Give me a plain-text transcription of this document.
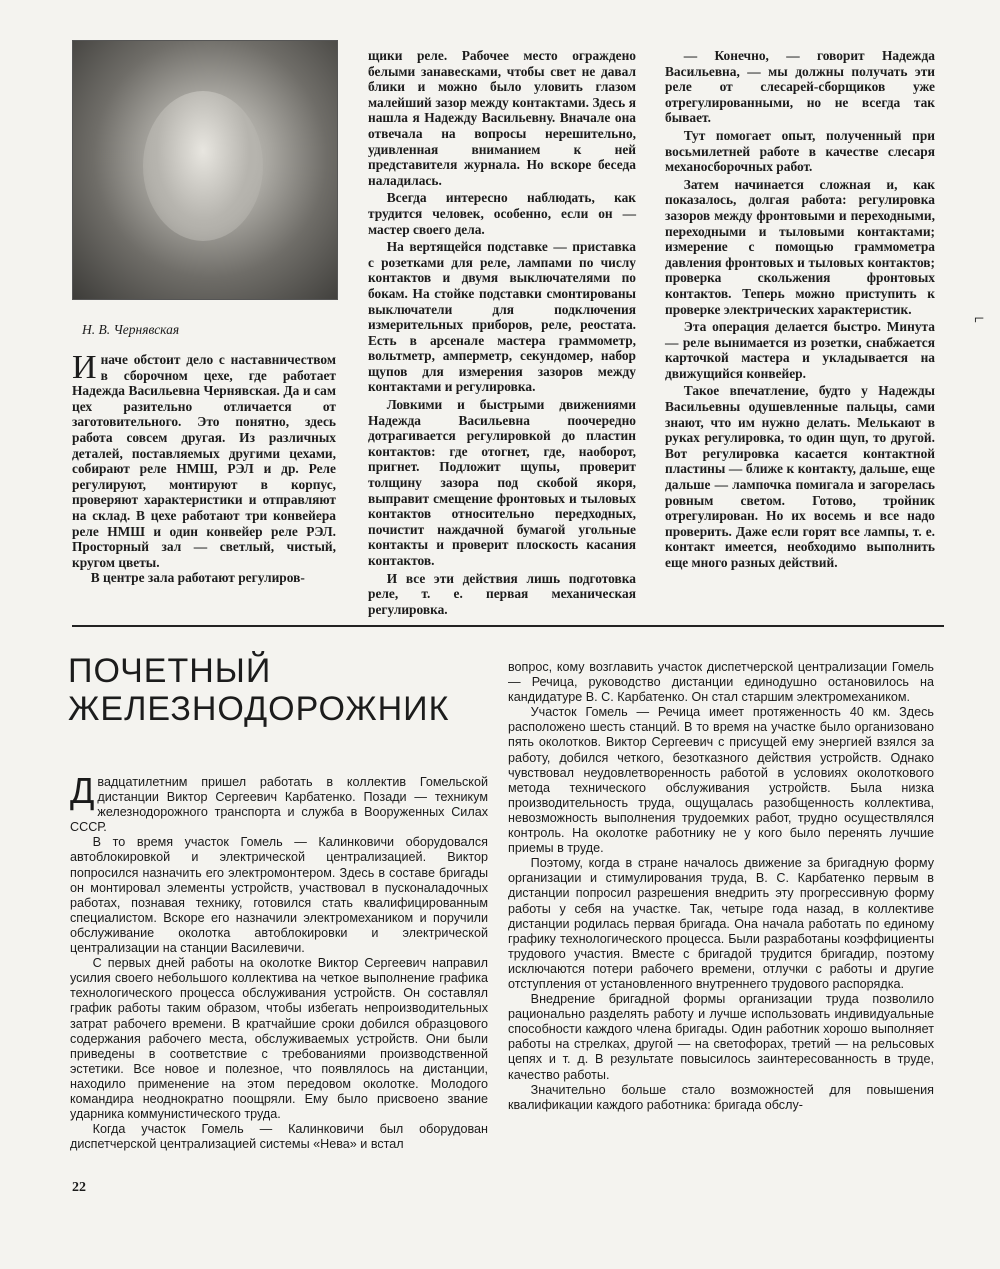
Н. В. Чернявская

Иначе обстоит дело с наставничеством в сборочном цехе, где работает Надежда Васильевна Чернявская. Да и сам цех разительно отличается от заготовительного. Это понятно, здесь работа совсем другая. Из различных деталей, поставляемых другими цехами, собирают реле НМШ, РЭЛ и др. Реле регулируют, монтируют в корпус, проверяют характеристики и отправляют на склад. В цехе работают три конвейера реле НМШ и один конвейер реле РЭЛ. Просторный зал — светлый, чистый, кругом цветы.

В центре зала работают регулиров-

щики реле. Рабочее место ограждено белыми занавесками, чтобы свет не давал блики и можно было уловить глазом малейший зазор между контактами. Здесь я нашла я Надежду Васильевну. Вначале она отвечала на вопросы нерешительно, удивленная вниманием к ней представителя журнала. Но вскоре беседа наладилась.

Всегда интересно наблюдать, как трудится человек, особенно, если он — мастер своего дела.

На вертящейся подставке — приставка с розетками для реле, лампами по числу контактов и двумя выключателями по бокам. На стойке подставки смонтированы выключатели для подключения измерительных приборов, реле, реостата. Есть в арсенале мастера граммометр, вольтметр, амперметр, секундомер, набор щупов для измерения зазоров между контактами и регулировка.

Ловкими и быстрыми движениями Надежда Васильевна поочередно дотрагивается регулировкой до пластин контактов: где отогнет, где, наоборот, пригнет. Подложит щупы, проверит толщину зазора под скобой якоря, выправит смещение фронтовых и тыловых контактов относительно передходных, почистит наждачной бумагой угольные контакты и проверит плоскость касания контактов.

И все эти действия лишь подготовка реле, т. е. первая механическая регулировка.

— Конечно, — говорит Надежда Васильевна, — мы должны получать эти реле от слесарей-сборщиков уже отрегулированными, но не всегда так бывает.

Тут помогает опыт, полученный при восьмилетней работе в качестве слесаря механосборочных работ.

Затем начинается сложная и, как показалось, долгая работа: регулировка зазоров между фронтовыми и переходными, переходными и тыловыми контактами; измерение с помощью граммометра давления фронтовых и тыловых контактов; проверка скольжения фронтовых контактов. Теперь можно приступить к проверке электрических характеристик.

Эта операция делается быстро. Минута — реле вынимается из розетки, снабжается карточкой мастера и укладывается на движущийся конвейер.

Такое впечатление, будто у Надежды Васильевны одушевленные пальцы, сами знают, что им нужно делать. Мелькают в руках регулировка, то один щуп, то другой. Вот регулировка касается контактной пластины — ближе к контакту, дальше, еще дальше — лампочка помигала и загорелась ровным светом. Готово, тройник отрегулирован. Но их восемь и все надо проверить. Даже если горят все лампы, т. е. контакт имеется, необходимо выполнить еще много разных действий.

⌐
ПОЧЕТНЫЙ
ЖЕЛЕЗНОДОРОЖНИК

Двадцатилетним пришел работать в коллектив Гомельской дистанции Виктор Сергеевич Карбатенко. Позади — техникум железнодорожного транспорта и служба в Вооруженных Силах СССР.

В то время участок Гомель — Калинковичи оборудовался автоблокировкой и электрической централизацией. Виктор попросился назначить его электромонтером. Здесь в составе бригады он монтировал элементы устройств, участвовал в пусконаладочных работах, познавая технику, готовился стать квалифицированным специалистом. Вскоре его назначили электромехаником и поручили обслуживание околотка автоблокировки и электрической централизации на станции Василевичи.

С первых дней работы на околотке Виктор Сергеевич направил усилия своего небольшого коллектива на четкое выполнение графика технологического процесса обслуживания устройств. Он составлял график работы таким образом, чтобы избегать непроизводительных затрат рабочего времени. В кратчайшие сроки добился образцового содержания рабочего места, обслуживаемых устройств. Они были приведены в соответствие с требованиями производственной эстетики. Все новое и полезное, что появлялось на дистанции, находило применение на этом передовом околотке. Молодого командира неоднократно поощряли. Ему было присвоено звание ударника коммунистического труда.

Когда участок Гомель — Калинковичи был оборудован диспетчерской централизацией системы «Нева» и встал

вопрос, кому возглавить участок диспетчерской централизации Гомель — Речица, руководство дистанции единодушно остановилось на кандидатуре В. С. Карбатенко. Он стал старшим электромехаником.

Участок Гомель — Речица имеет протяженность 40 км. Здесь расположено шесть станций. В то время на участке было организовано пять околотков. Виктор Сергеевич с присущей ему энергией взялся за работу, добился четкого, безотказного действия устройств. Однако чувствовал неудовлетворенность работой в условиях околоткового метода технического обслуживания устройств. Была низка производительность труда, ощущалась разобщенность коллектива, невозможность выполнения трудоемких работ, трудно осуществлялся контроль. На околотке работнику не у кого было перенять лучшие приемы в труде.

Поэтому, когда в стране началось движение за бригадную форму организации и стимулирования труда, В. С. Карбатенко первым в дистанции попросил разрешения внедрить эту прогрессивную форму работы у себя на участке. Так, четыре года назад, в коллективе дистанции родилась первая бригада. Она начала работать по единому графику технологического процесса. Были разработаны коэффициенты трудового участия. Вместе с бригадой трудится бригадир, поэтому исключаются потери рабочего времени, отлучки с работы и другие отступления от установленного внутреннего трудового распорядка.

Внедрение бригадной формы организации труда позволило рационально разделять работу и лучше использовать индивидуальные способности каждого члена бригады. Один работник хорошо выполняет работы на стрелках, другой — на светофорах, третий — на рельсовых цепях и т. д. В результате повысилось заинтересованность в труде, качество работы.

Значительно больше стало возможностей для повышения квалификации каждого работника: бригада обслу-

22
